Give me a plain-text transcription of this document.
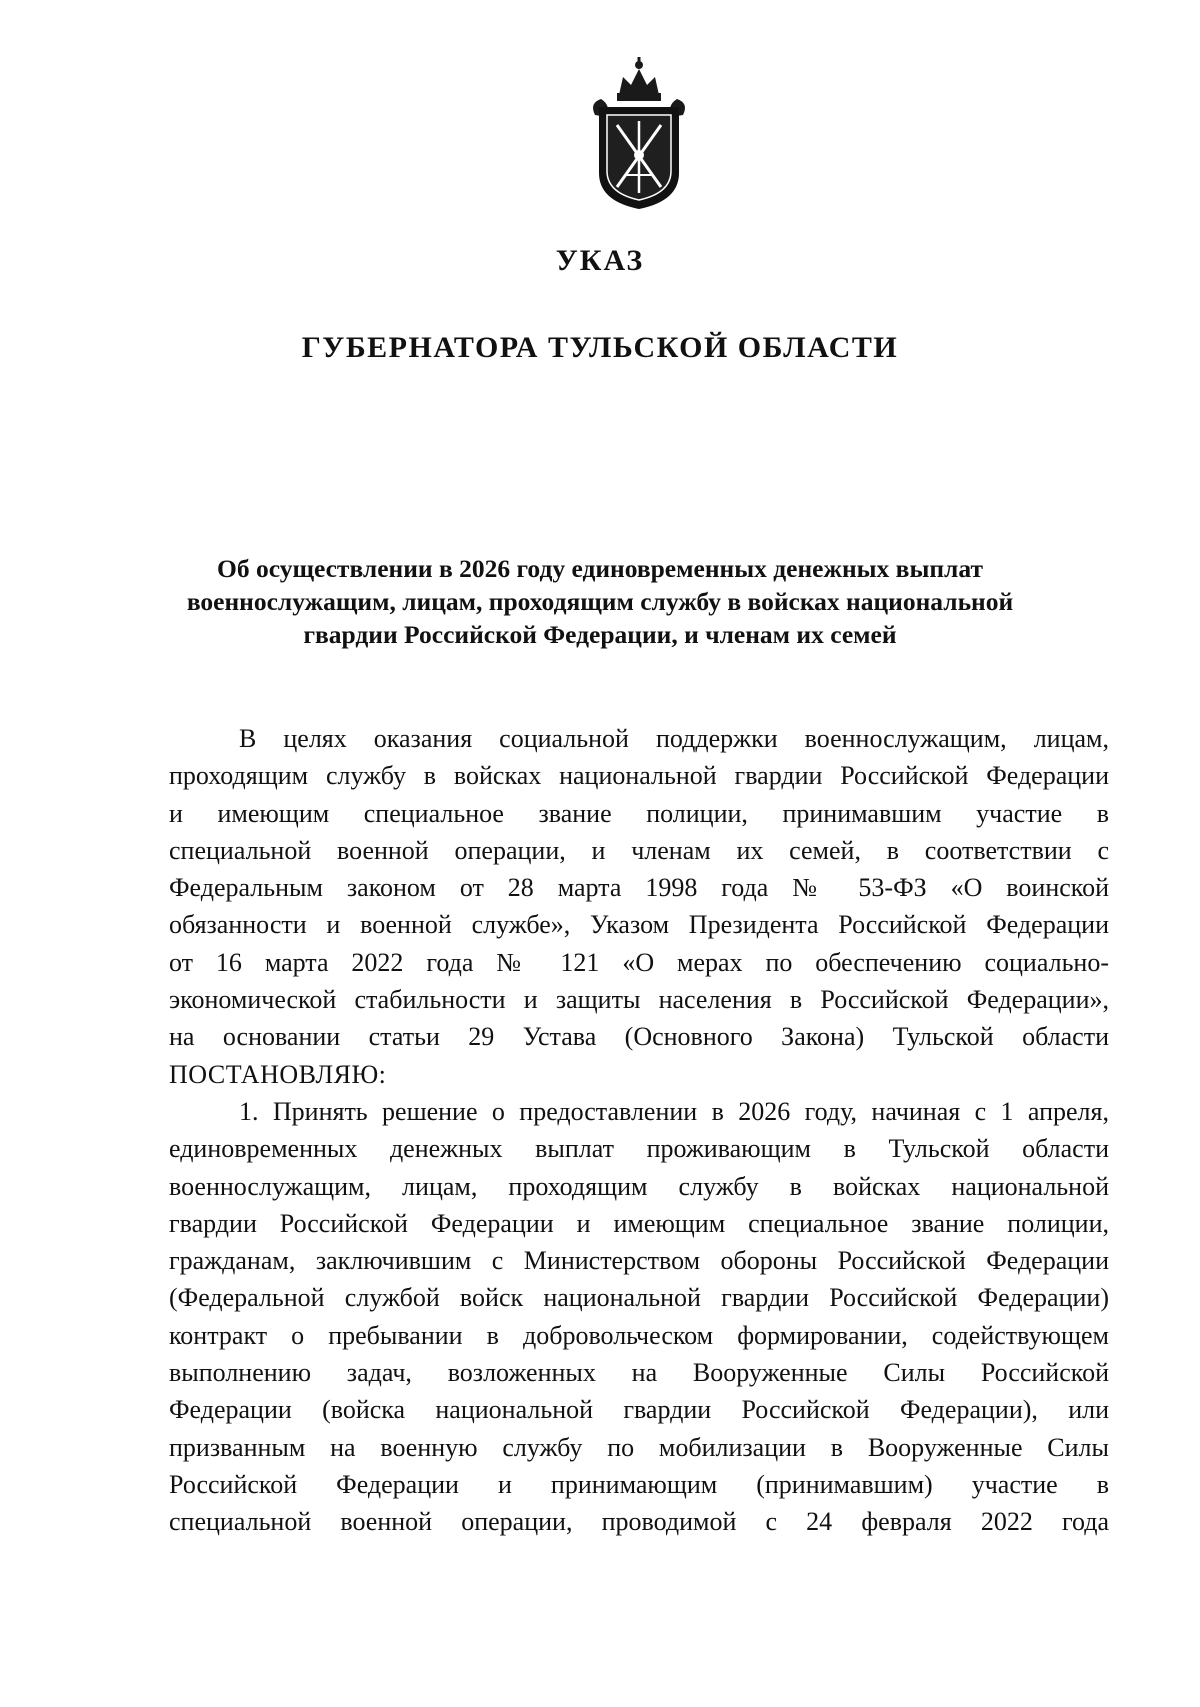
УКАЗ
ГУБЕРНАТОРА ТУЛЬСКОЙ ОБЛАСТИ
Об осуществлении в 2026 году единовременных денежных выплат
военнослужащим, лицам, проходящим службу в войсках национальной
гвардии Российской Федерации, и членам их семей
В целях оказания социальной поддержки военнослужащим, лицам,
проходящим службу в войсках национальной гвардии Российской Федерации
и имеющим специальное звание полиции, принимавшим участие в
специальной военной операции, и членам их семей, в соответствии с
Федеральным законом от 28 марта 1998 года № 53-ФЗ «О воинской
обязанности и военной службе», Указом Президента Российской Федерации
от 16 марта 2022 года № 121 «О мерах по обеспечению социально-
экономической стабильности и защиты населения в Российской Федерации»,
на основании статьи 29 Устава (Основного Закона) Тульской области
ПОСТАНОВЛЯЮ:
1. Принять решение о предоставлении в 2026 году, начиная с 1 апреля,
единовременных денежных выплат проживающим в Тульской области
военнослужащим, лицам, проходящим службу в войсках национальной
гвардии Российской Федерации и имеющим специальное звание полиции,
гражданам, заключившим с Министерством обороны Российской Федерации
(Федеральной службой войск национальной гвардии Российской Федерации)
контракт о пребывании в добровольческом формировании, содействующем
выполнению задач, возложенных на Вооруженные Силы Российской
Федерации (войска национальной гвардии Российской Федерации), или
призванным на военную службу по мобилизации в Вооруженные Силы
Российской Федерации и принимающим (принимавшим) участие в
специальной военной операции, проводимой с 24 февраля 2022 года
